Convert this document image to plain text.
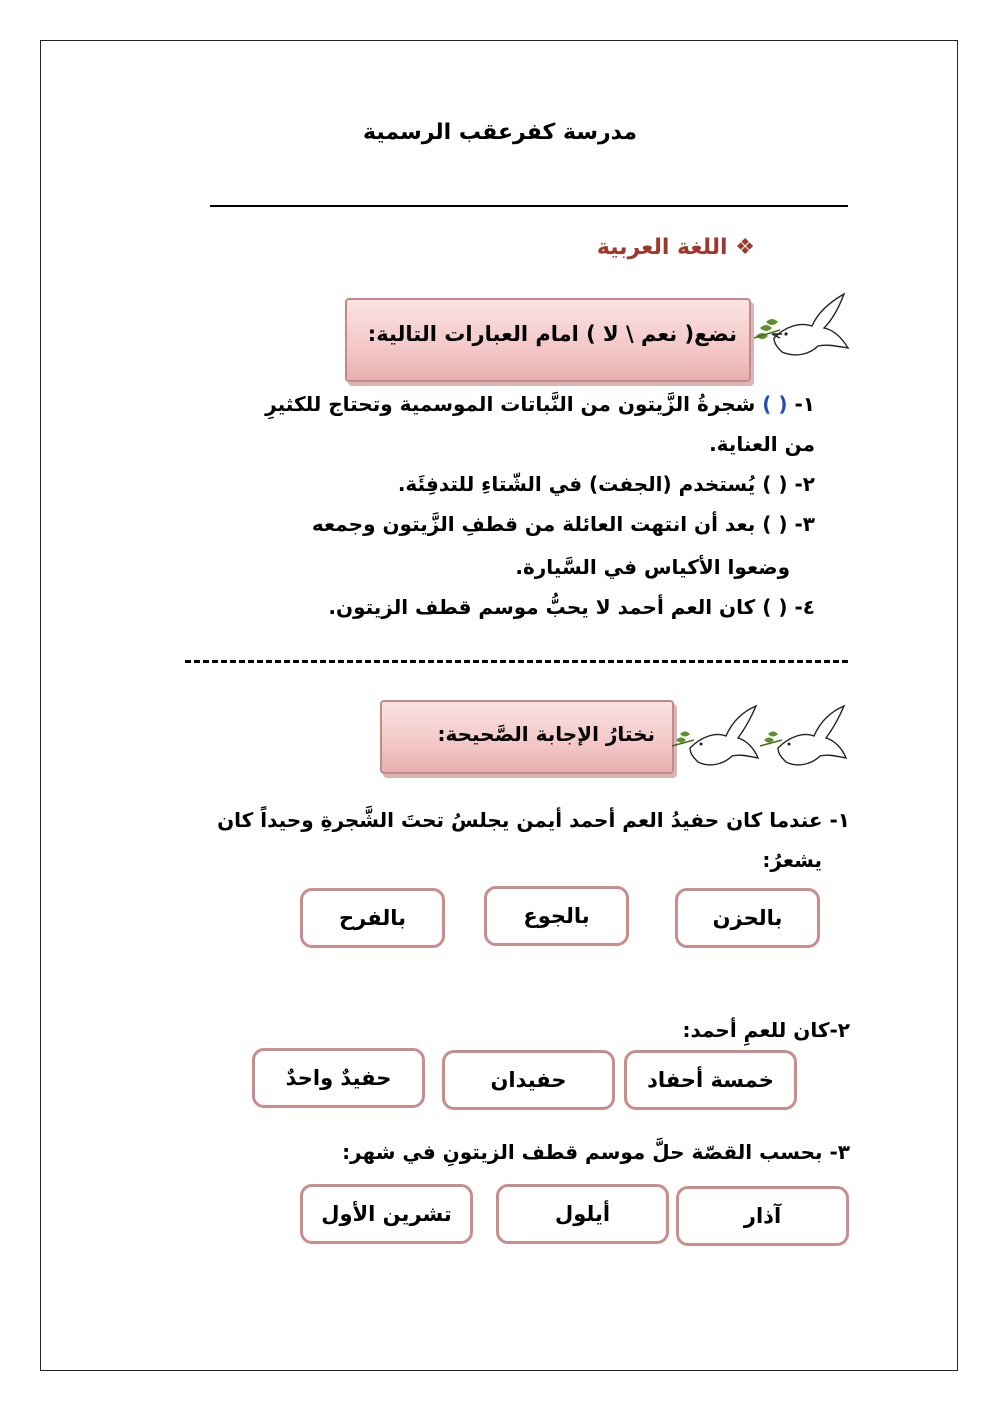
مدرسة كفرعقب الرسمية
❖ اللغة العربية
نضع( نعم \ لا ) امام العبارات التالية:
١- ( ) شجرةُ الزَّيتون من النَّباتات الموسمية وتحتاج للكثيرِ
من العناية.
٢- ( ) يُستخدم (الجفت) في الشّتاءِ للتدفِئَة.
٣- ( ) بعد أن انتهت العائلة من قطفِ الزَّيتون وجمعه
وضعوا الأكياس في السَّيارة.
٤- ( ) كان العم أحمد لا يحبُّ موسم قطف الزيتون.
نختارُ الإجابة الصَّحيحة:
١- عندما كان حفيدُ العم أحمد أيمن يجلسُ تحتَ الشَّجرةِ وحيداً كان
يشعرُ:
بالحزن
بالجوع
بالفرح
٢-كان للعمِ أحمد:
خمسة أحفاد
حفيدان
حفيدٌ واحدٌ
٣- بحسب القصّة حلَّ موسم قطف الزيتونِ في شهر:
آذار
أيلول
تشرين الأول
